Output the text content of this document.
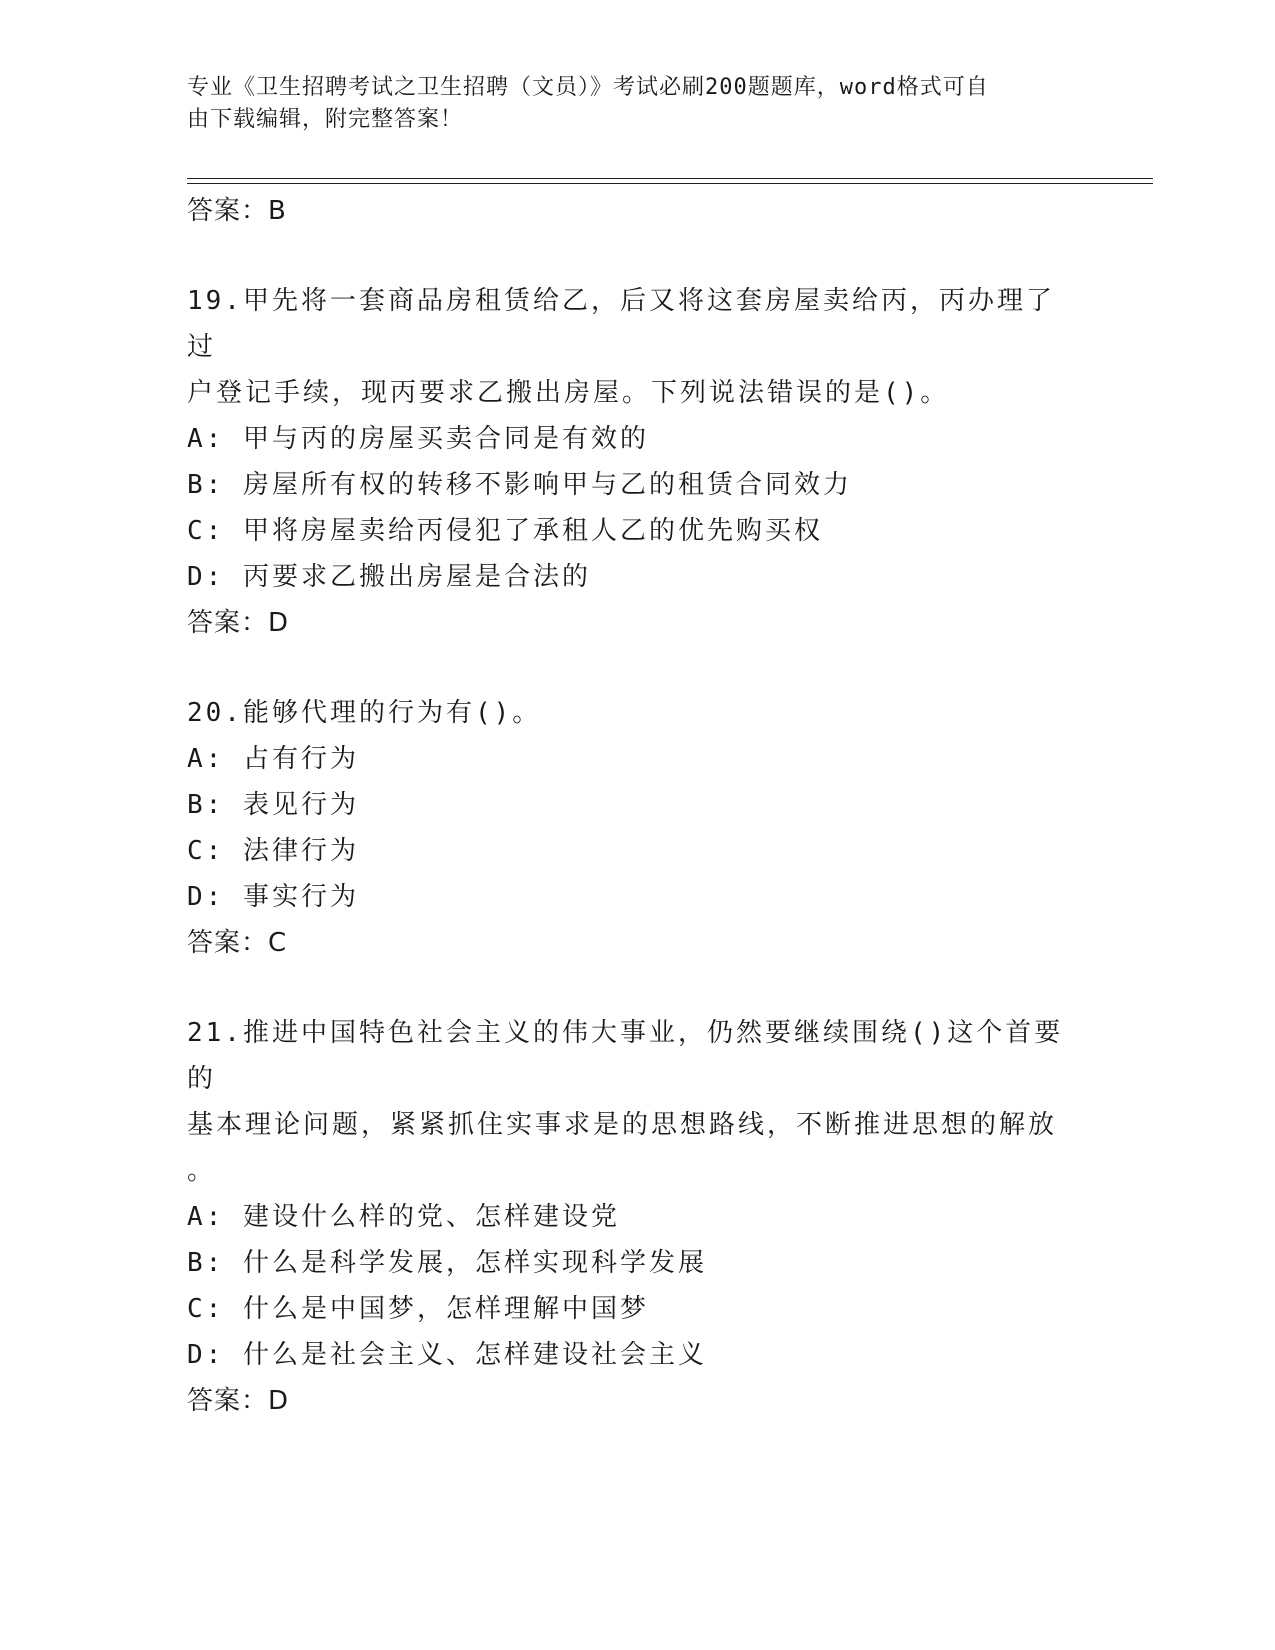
专业《卫生招聘考试之卫生招聘（文员）》考试必刷200题题库，word格式可自
由下载编辑，附完整答案！
答案：B
19.甲先将一套商品房租赁给乙，后又将这套房屋卖给丙，丙办理了过
户登记手续，现丙要求乙搬出房屋。下列说法错误的是()。
A: 甲与丙的房屋买卖合同是有效的
B: 房屋所有权的转移不影响甲与乙的租赁合同效力
C: 甲将房屋卖给丙侵犯了承租人乙的优先购买权
D: 丙要求乙搬出房屋是合法的
答案：D
20.能够代理的行为有()。
A: 占有行为
B: 表见行为
C: 法律行为
D: 事实行为
答案：C
21.推进中国特色社会主义的伟大事业，仍然要继续围绕()这个首要的
基本理论问题，紧紧抓住实事求是的思想路线，不断推进思想的解放
。
A: 建设什么样的党、怎样建设党
B: 什么是科学发展，怎样实现科学发展
C: 什么是中国梦，怎样理解中国梦
D: 什么是社会主义、怎样建设社会主义
答案：D
